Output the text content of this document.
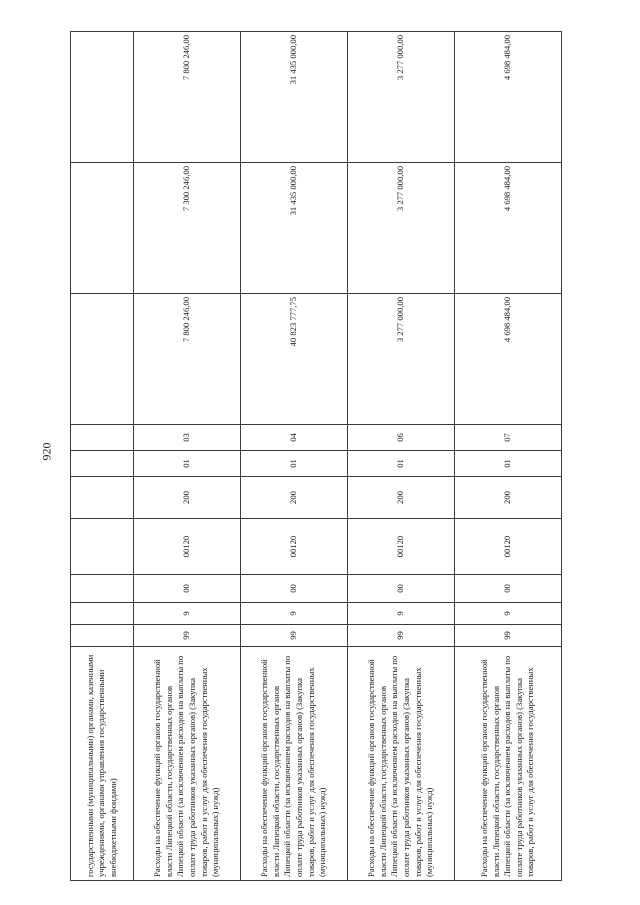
920
государственными (муниципальными) органами, казенными учреждениями, органами управления государственными внебюджетными фондами)										
Расходы на обеспечение функций органов государственной власти Липецкой области, государственных органов Липецкой области (за исключением расходов на выплаты по оплате труда работников указанных органов) (Закупка товаров, работ и услуг для обеспечения государственных (муниципальных) нужд)	99	9	00	00120	200	01	03	7 800 246,00	7 300 246,00	7 800 246,00
Расходы на обеспечение функций органов государственной власти Липецкой области, государственных органов Липецкой области (за исключением расходов на выплаты по оплате труда работников указанных органов) (Закупка товаров, работ и услуг для обеспечения государственных (муниципальных) нужд)	99	9	00	00120	200	01	04	40 823 777,75	31 435 000,00	31 435 000,00
Расходы на обеспечение функций органов государственной власти Липецкой области, государственных органов Липецкой области (за исключением расходов на выплаты по оплате труда работников указанных органов) (Закупка товаров, работ и услуг для обеспечения государственных (муниципальных) нужд)	99	9	00	00120	200	01	06	3 277 000,00	3 277 000,00	3 277 000,00
Расходы на обеспечение функций органов государственной власти Липецкой области, государственных органов Липецкой области (за исключением расходов на выплаты по оплате труда работников указанных органов) (Закупка товаров, работ и услуг для обеспечения государственных	99	9	00	00120	200	01	07	4 698 484,00	4 698 484,00	4 698 484,00
